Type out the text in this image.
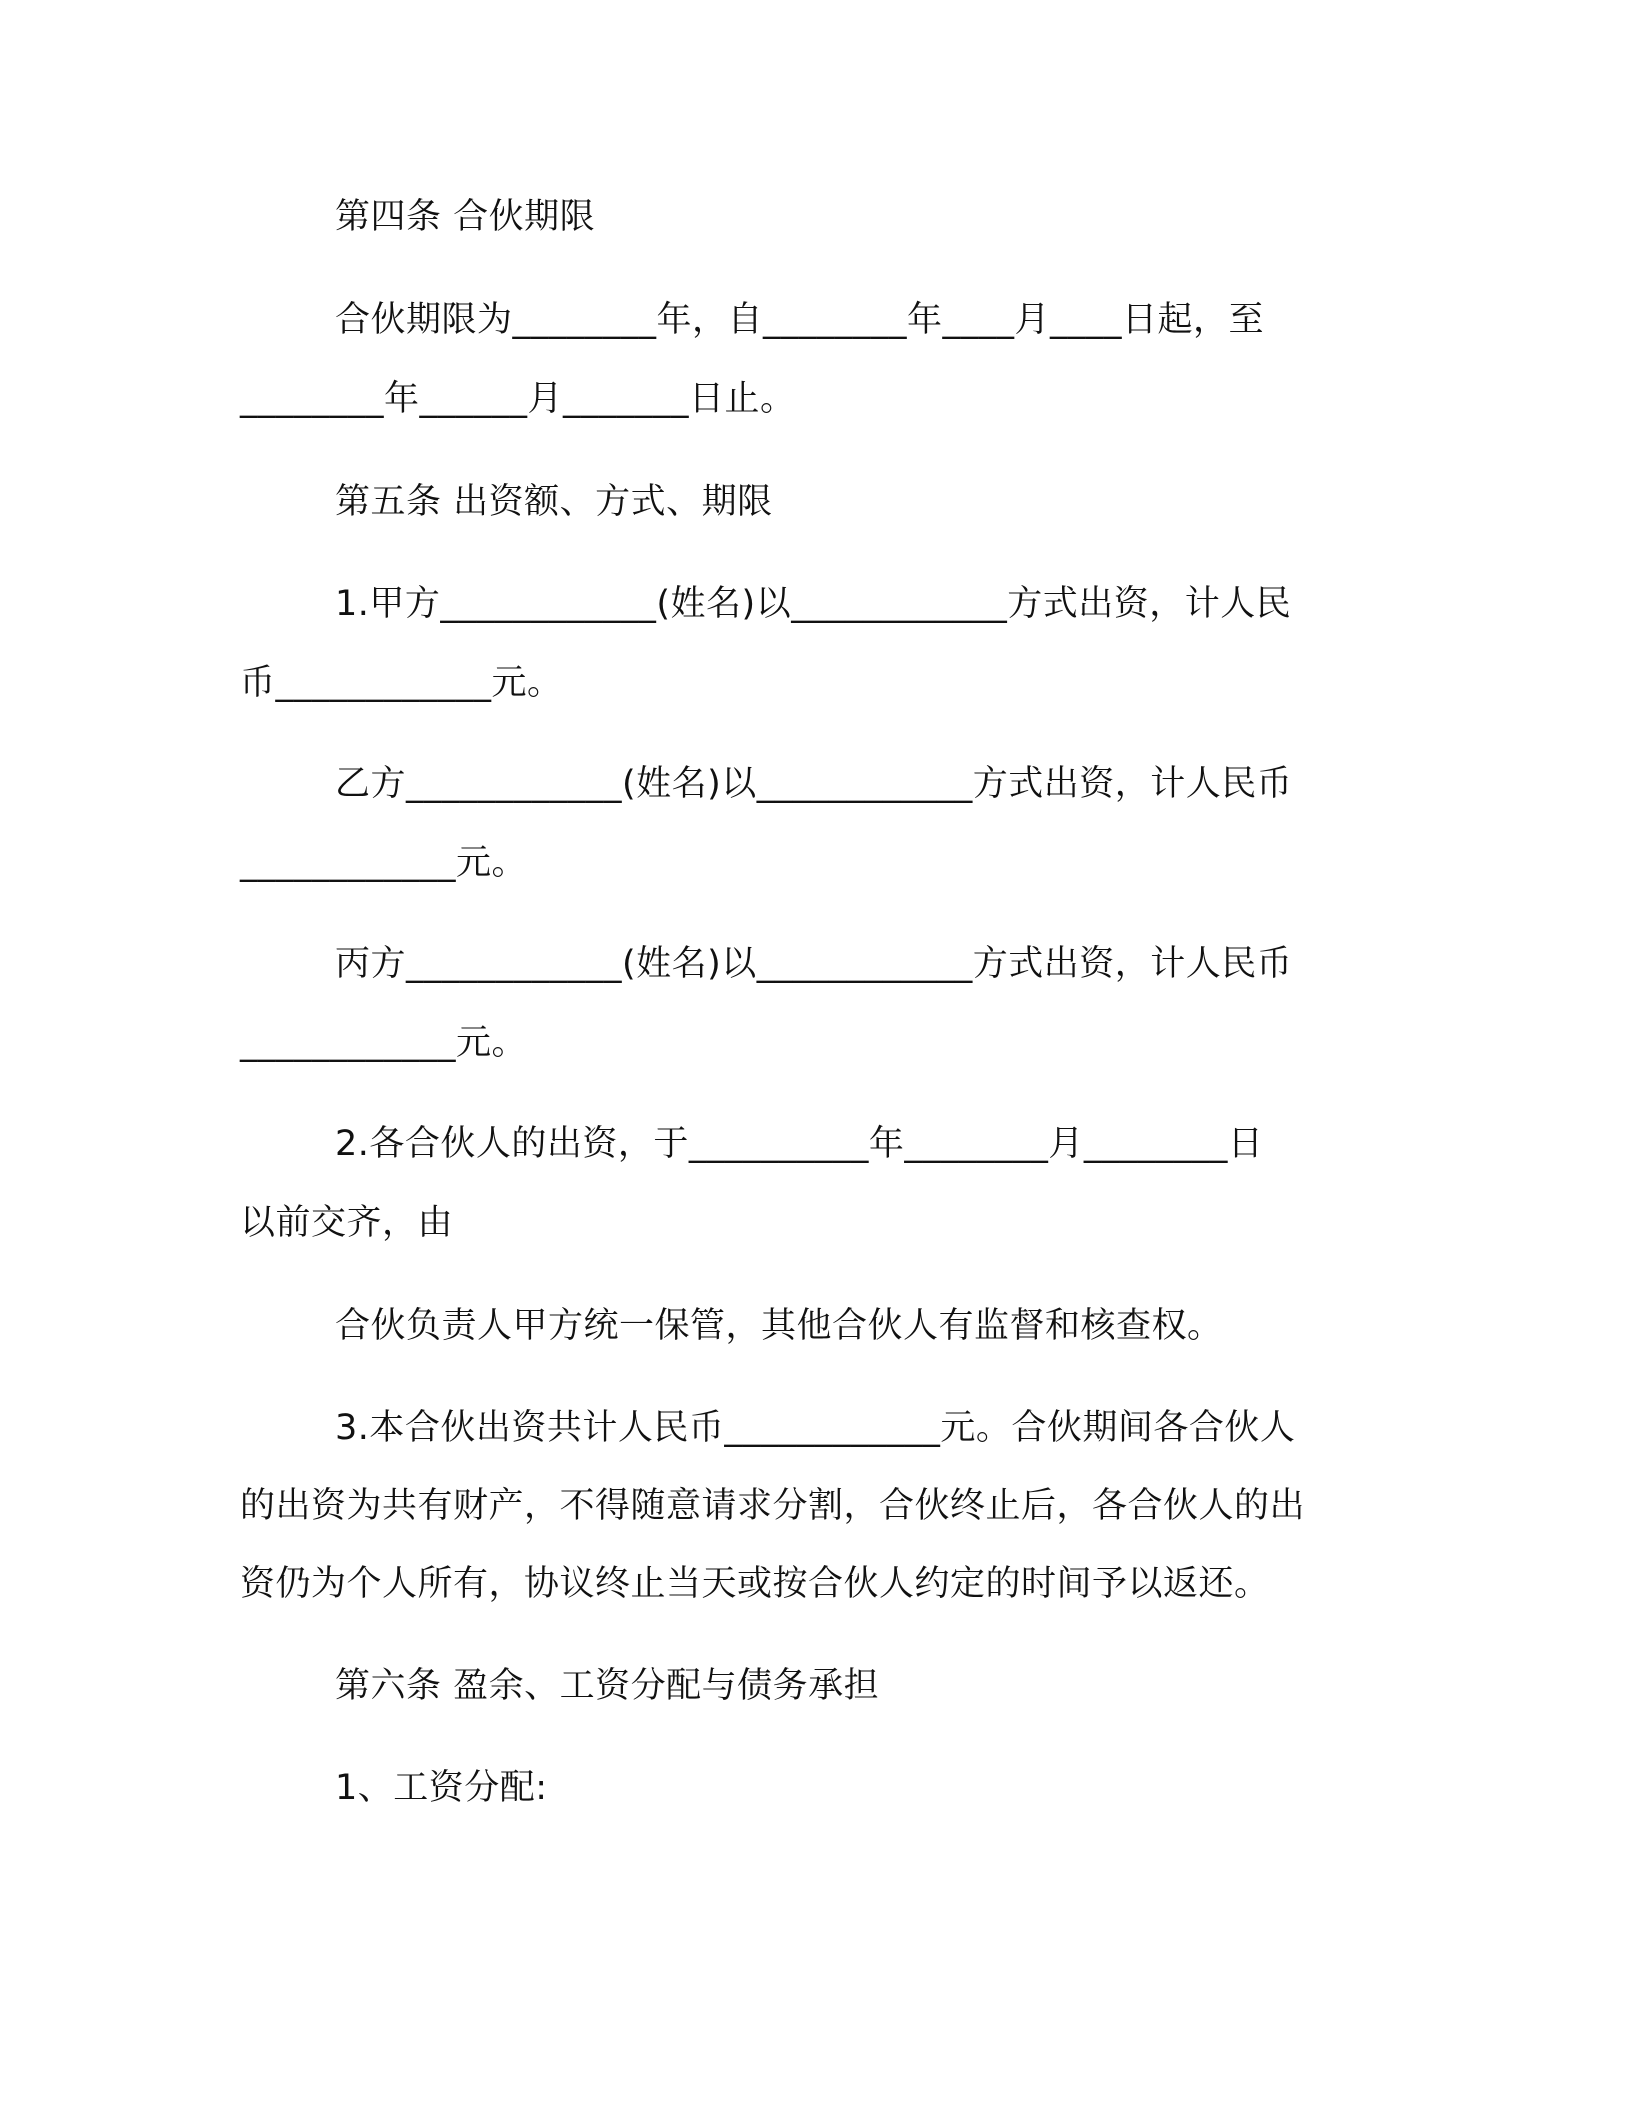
第四条 合伙期限
合伙期限为________年，自________年____月____日起，至
________年______月_______日止。
第五条 出资额、方式、期限
1.甲方____________(姓名)以____________方式出资，计人民
币____________元。
乙方____________(姓名)以____________方式出资，计人民币
____________元。
丙方____________(姓名)以____________方式出资，计人民币
____________元。
2.各合伙人的出资，于__________年________月________日
以前交齐，由
合伙负责人甲方统一保管，其他合伙人有监督和核查权。
3.本合伙出资共计人民币____________元。合伙期间各合伙人
的出资为共有财产，不得随意请求分割，合伙终止后，各合伙人的出
资仍为个人所有，协议终止当天或按合伙人约定的时间予以返还。
第六条 盈余、工资分配与债务承担
1、工资分配:
